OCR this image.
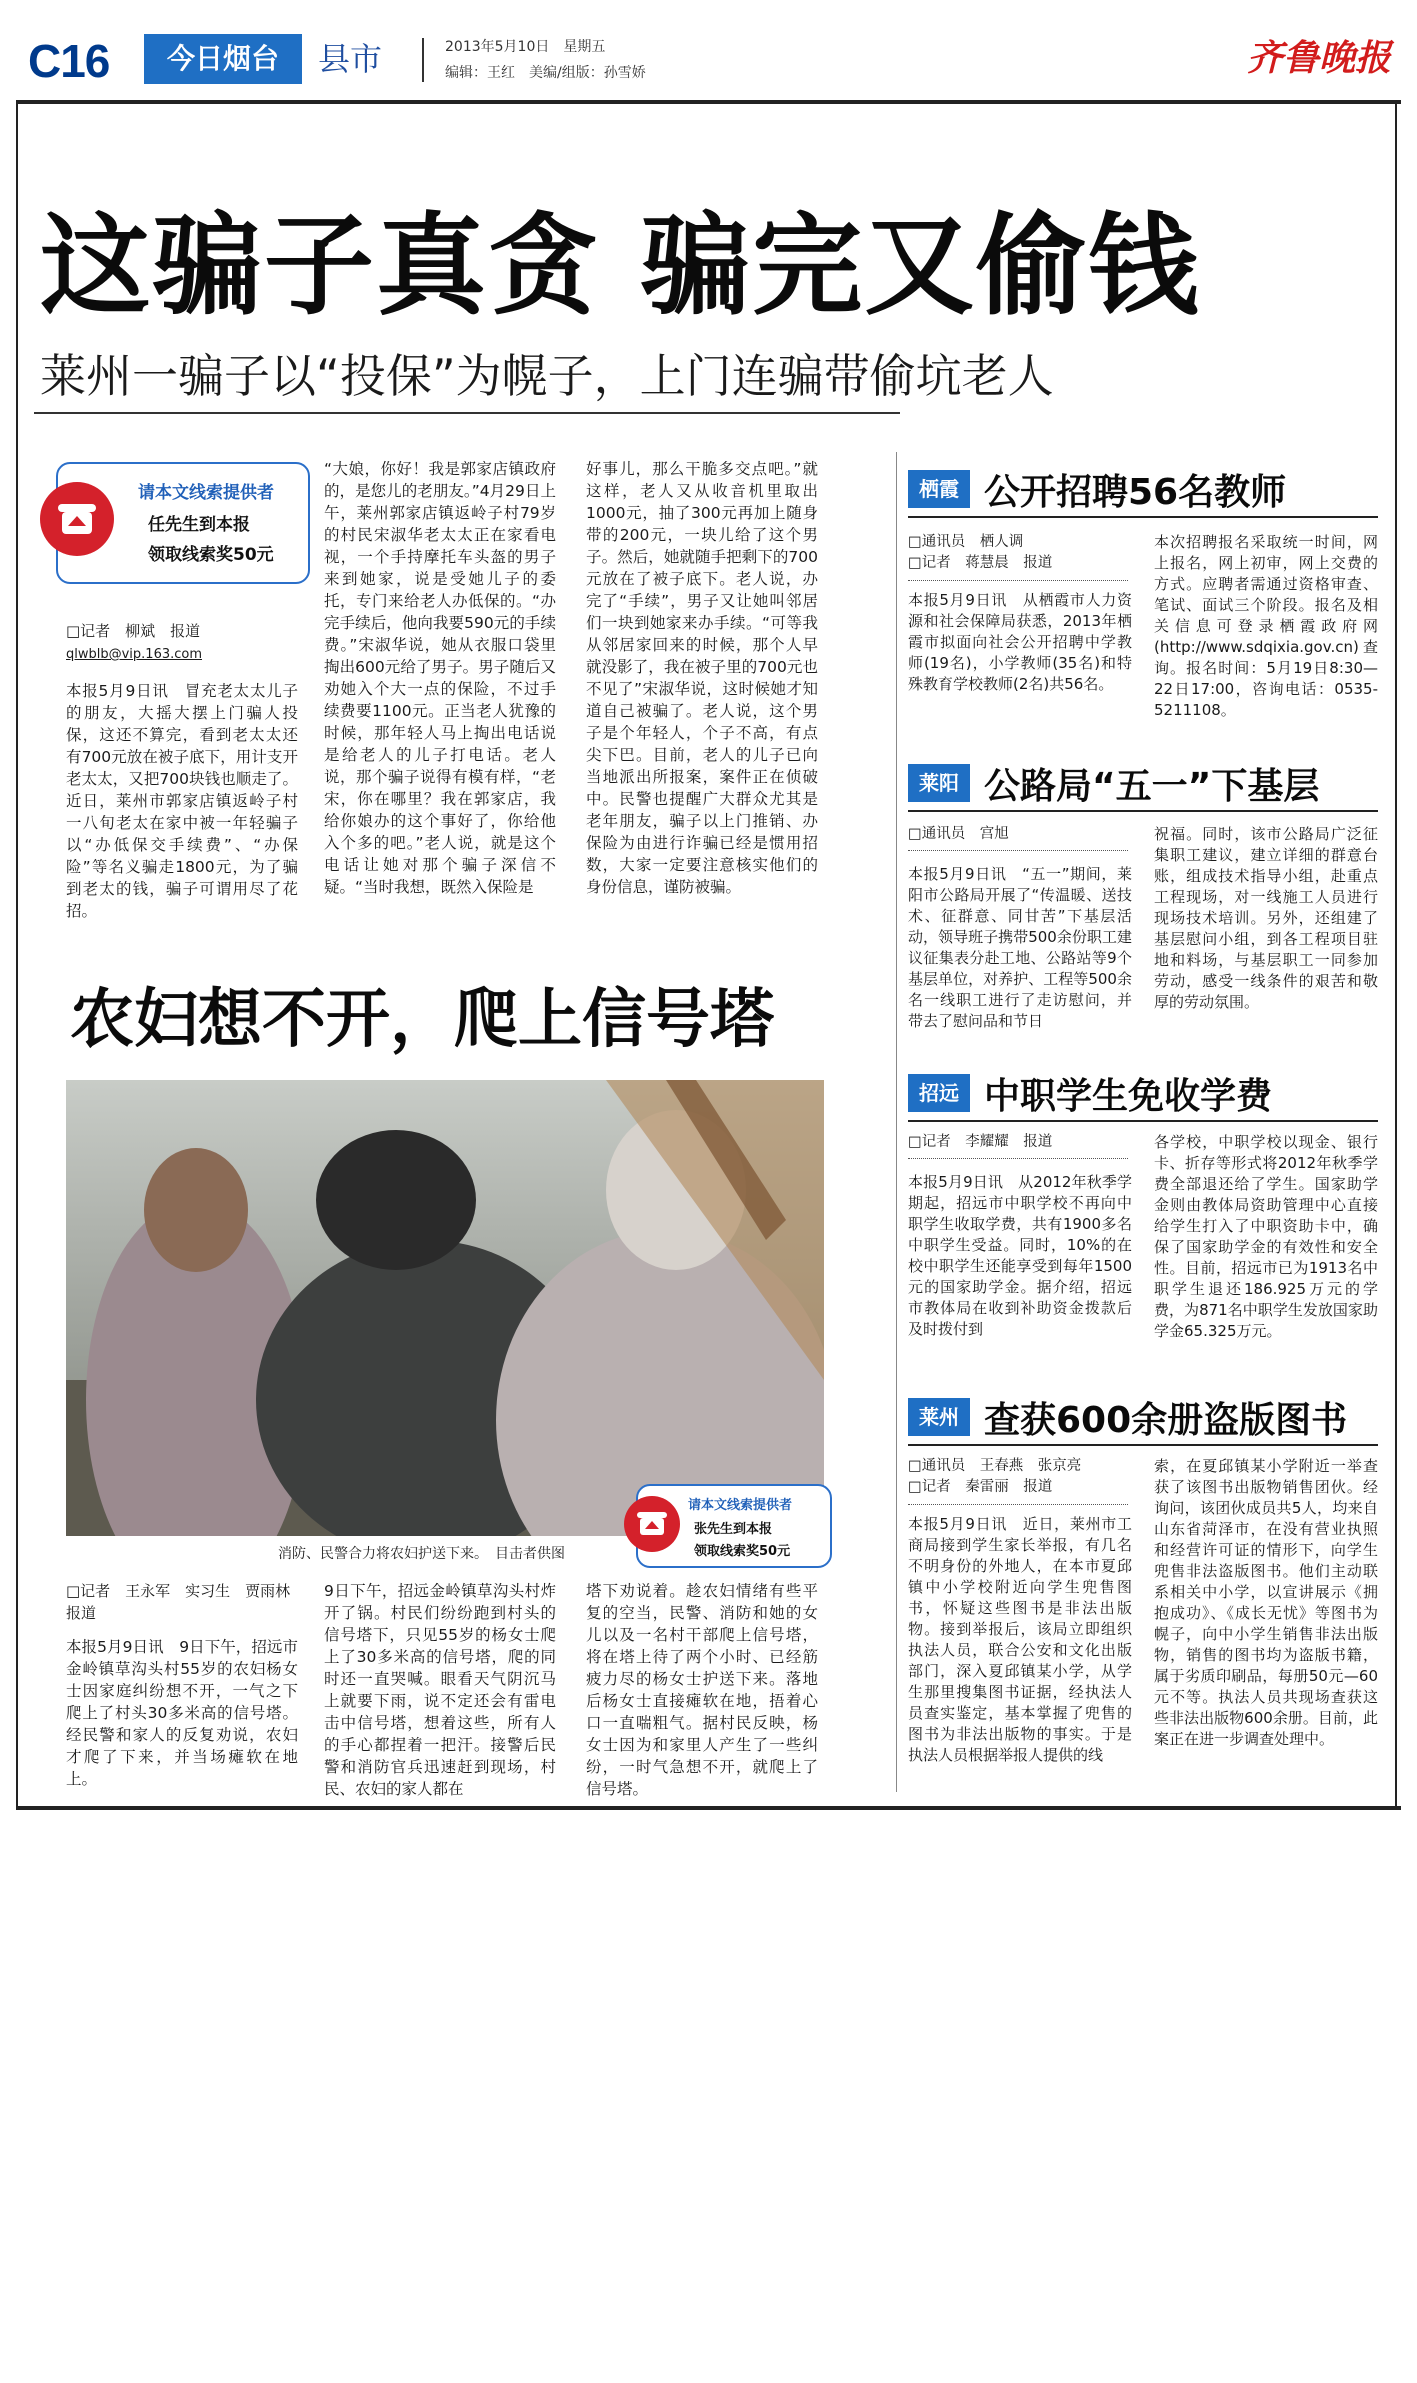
C16	今日烟台	县市	2013年5月10日　星期五
编辑：王红　美编/组版：孙雪娇	齐鲁晚报
这骗子真贪 骗完又偷钱
莱州一骗子以“投保”为幌子，上门连骗带偷坑老人
请本文线索提供者
任先生到本报
领取线索奖50元
□记者　柳斌　报道
qlwblb@vip.163.com
本报5月9日讯　冒充老太太儿子的朋友，大摇大摆上门骗人投保，这还不算完，看到老太太还有700元放在被子底下，用计支开老太太，又把700块钱也顺走了。近日，莱州市郭家店镇返岭子村一八旬老太在家中被一年轻骗子以“办低保交手续费”、“办保险”等名义骗走1800元，为了骗到老太的钱，骗子可谓用尽了花招。
“大娘，你好！我是郭家店镇政府的，是您儿的老朋友。”4月29日上午，莱州郭家店镇返岭子村79岁的村民宋淑华老太太正在家看电视，一个手持摩托车头盔的男子来到她家，说是受她儿子的委托，专门来给老人办低保的。“办完手续后，他向我要590元的手续费。”宋淑华说，她从衣服口袋里掏出600元给了男子。男子随后又劝她入个大一点的保险，不过手续费要1100元。正当老人犹豫的时候，那年轻人马上掏出电话说是给老人的儿子打电话。老人说，那个骗子说得有模有样，“老宋，你在哪里？我在郭家店，我给你娘办的这个事好了，你给他入个多的吧。”老人说，就是这个电话让她对那个骗子深信不疑。“当时我想，既然入保险是
好事儿，那么干脆多交点吧。”就这样，老人又从收音机里取出1000元，抽了300元再加上随身带的200元，一块儿给了这个男子。然后，她就随手把剩下的700元放在了被子底下。老人说，办完了“手续”，男子又让她叫邻居们一块到她家来办手续。“可等我从邻居家回来的时候，那个人早就没影了，我在被子里的700元也不见了”宋淑华说，这时候她才知道自己被骗了。老人说，这个男子是个年轻人，个子不高，有点尖下巴。目前，老人的儿子已向当地派出所报案，案件正在侦破中。民警也提醒广大群众尤其是老年朋友，骗子以上门推销、办保险为由进行诈骗已经是惯用招数，大家一定要注意核实他们的身份信息，谨防被骗。
农妇想不开，爬上信号塔
消防、民警合力将农妇护送下来。　目击者供图
请本文线索提供者
张先生到本报
领取线索奖50元
□记者　王永军　实习生　贾雨林　报道
本报5月9日讯　9日下午，招远市金岭镇草沟头村55岁的农妇杨女士因家庭纠纷想不开，一气之下爬上了村头30多米高的信号塔。经民警和家人的反复劝说，农妇才爬了下来，并当场瘫软在地上。
9日下午，招远金岭镇草沟头村炸开了锅。村民们纷纷跑到村头的信号塔下，只见55岁的杨女士爬上了30多米高的信号塔，爬的同时还一直哭喊。眼看天气阴沉马上就要下雨，说不定还会有雷电击中信号塔，想着这些，所有人的手心都捏着一把汗。接警后民警和消防官兵迅速赶到现场，村民、农妇的家人都在
塔下劝说着。趁农妇情绪有些平复的空当，民警、消防和她的女儿以及一名村干部爬上信号塔，将在塔上待了两个小时、已经筋疲力尽的杨女士护送下来。落地后杨女士直接瘫软在地，捂着心口一直喘粗气。据村民反映，杨女士因为和家里人产生了一些纠纷，一时气急想不开，就爬上了信号塔。
栖霞 公开招聘56名教师
□通讯员　栖人调
□记者　蒋慧晨　报道
本报5月9日讯　从栖霞市人力资源和社会保障局获悉，2013年栖霞市拟面向社会公开招聘中学教师(19名)，小学教师(35名)和特殊教育学校教师(2名)共56名。
本次招聘报名采取统一时间，网上报名，网上初审，网上交费的方式。应聘者需通过资格审查、笔试、面试三个阶段。报名及相关信息可登录栖霞政府网(http://www.sdqixia.gov.cn)查询。报名时间：5月19日8:30—22日17:00，咨询电话：0535-5211108。
莱阳 公路局“五一”下基层
□通讯员　宫旭
本报5月9日讯　“五一”期间，莱阳市公路局开展了“传温暖、送技术、征群意、同甘苦”下基层活动，领导班子携带500余份职工建议征集表分赴工地、公路站等9个基层单位，对养护、工程等500余名一线职工进行了走访慰问，并带去了慰问品和节日
祝福。同时，该市公路局广泛征集职工建议，建立详细的群意台账，组成技术指导小组，赴重点工程现场，对一线施工人员进行现场技术培训。另外，还组建了基层慰问小组，到各工程项目驻地和料场，与基层职工一同参加劳动，感受一线条件的艰苦和敬厚的劳动氛围。
招远 中职学生免收学费
□记者　李耀耀　报道
本报5月9日讯　从2012年秋季学期起，招远市中职学校不再向中职学生收取学费，共有1900多名中职学生受益。同时，10%的在校中职学生还能享受到每年1500元的国家助学金。据介绍，招远市教体局在收到补助资金拨款后及时拨付到
各学校，中职学校以现金、银行卡、折存等形式将2012年秋季学费全部退还给了学生。国家助学金则由教体局资助管理中心直接给学生打入了中职资助卡中，确保了国家助学金的有效性和安全性。目前，招远市已为1913名中职学生退还186.925万元的学费，为871名中职学生发放国家助学金65.325万元。
莱州 查获600余册盗版图书
□通讯员　王春燕　张京亮
□记者　秦雷丽　报道
本报5月9日讯　近日，莱州市工商局接到学生家长举报，有几名不明身份的外地人，在本市夏邱镇中小学校附近向学生兜售图书，怀疑这些图书是非法出版物。接到举报后，该局立即组织执法人员，联合公安和文化出版部门，深入夏邱镇某小学，从学生那里搜集图书证据，经执法人员查实鉴定，基本掌握了兜售的图书为非法出版物的事实。于是执法人员根据举报人提供的线
索，在夏邱镇某小学附近一举查获了该图书出版物销售团伙。经询问，该团伙成员共5人，均来自山东省菏泽市，在没有营业执照和经营许可证的情形下，向学生兜售非法盗版图书。他们主动联系相关中小学，以宣讲展示《拥抱成功》、《成长无忧》等图书为幌子，向中小学生销售非法出版物，销售的图书均为盗版书籍，属于劣质印刷品，每册50元—60元不等。执法人员共现场查获这些非法出版物600余册。目前，此案正在进一步调查处理中。
